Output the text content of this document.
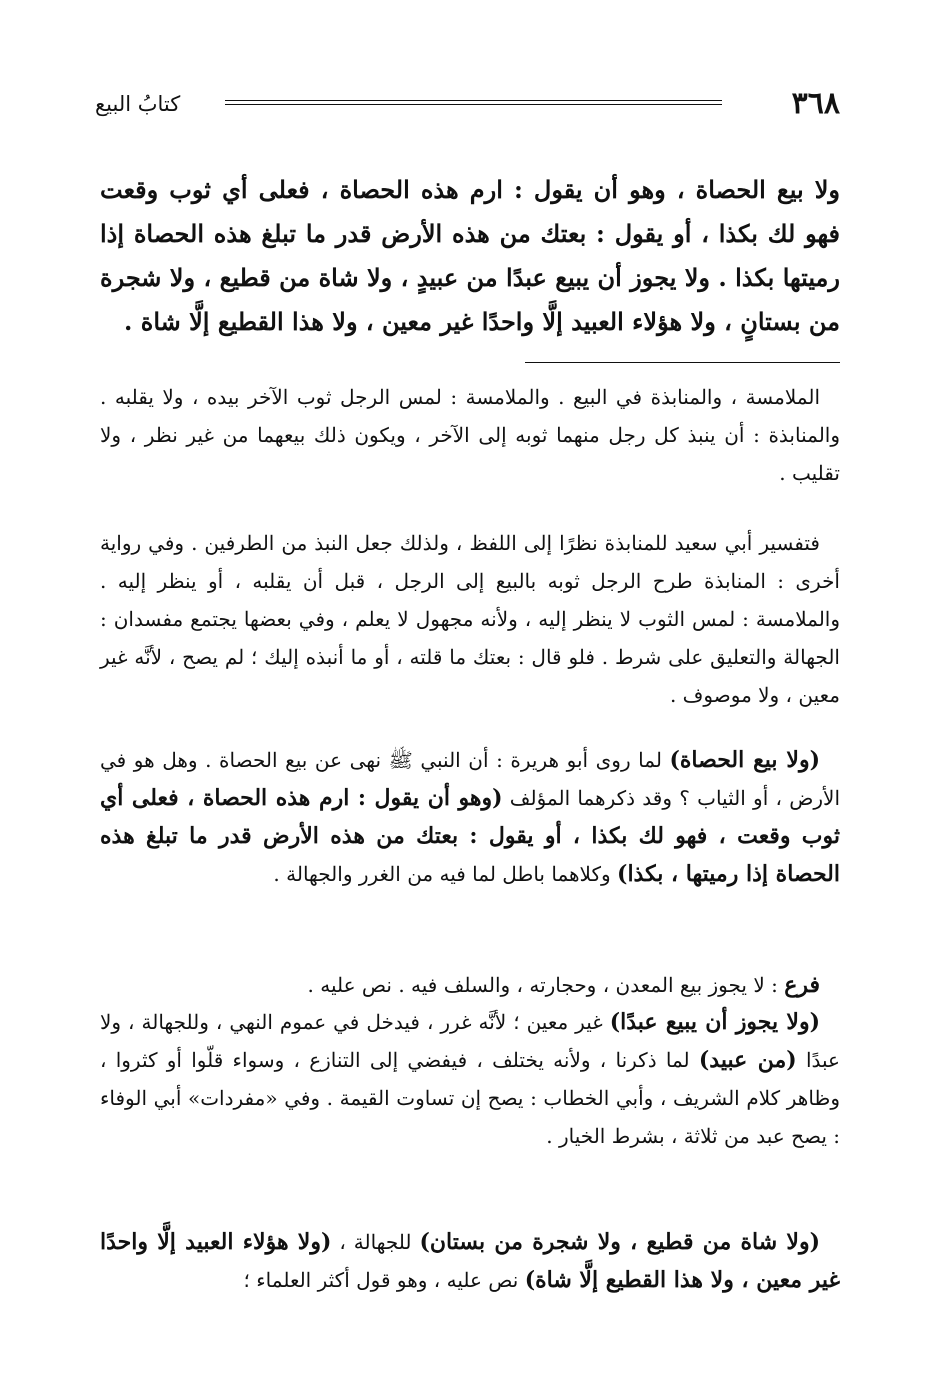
٣٦٨
كتابُ البيع
ولا بيع الحصاة ، وهو أن يقول : ارم هذه الحصاة ، فعلى أي ثوب وقعت فهو لك بكذا ، أو يقول : بعتك من هذه الأرض قدر ما تبلغ هذه الحصاة إذا رميتها بكذا . ولا يجوز أن يبيع عبدًا من عبيدٍ ، ولا شاة من قطيع ، ولا شجرة من بستانٍ ، ولا هؤلاء العبيد إلَّا واحدًا غير معين ، ولا هذا القطيع إلَّا شاة .

الملامسة ، والمنابذة في البيع . والملامسة : لمس الرجل ثوب الآخر بيده ، ولا يقلبه . والمنابذة : أن ينبذ كل رجل منهما ثوبه إلى الآخر ، ويكون ذلك بيعهما من غير نظر ، ولا تقليب .

فتفسير أبي سعيد للمنابذة نظرًا إلى اللفظ ، ولذلك جعل النبذ من الطرفين . وفي رواية أخرى : المنابذة طرح الرجل ثوبه بالبيع إلى الرجل ، قبل أن يقلبه ، أو ينظر إليه . والملامسة : لمس الثوب لا ينظر إليه ، ولأنه مجهول لا يعلم ، وفي بعضها يجتمع مفسدان : الجهالة والتعليق على شرط . فلو قال : بعتك ما قلته ، أو ما أنبذه إليك ؛ لم يصح ، لأنَّه غير معين ، ولا موصوف .

(ولا بيع الحصاة) لما روى أبو هريرة : أن النبي ﷺ نهى عن بيع الحصاة . وهل هو في الأرض ، أو الثياب ؟ وقد ذكرهما المؤلف (وهو أن يقول : ارم هذه الحصاة ، فعلى أي ثوب وقعت ، فهو لك بكذا ، أو يقول : بعتك من هذه الأرض قدر ما تبلغ هذه الحصاة إذا رميتها ، بكذا) وكلاهما باطل لما فيه من الغرر والجهالة .

فرع : لا يجوز بيع المعدن ، وحجارته ، والسلف فيه . نص عليه .

(ولا يجوز أن يبيع عبدًا) غير معين ؛ لأنَّه غرر ، فيدخل في عموم النهي ، وللجهالة ، ولا عبدًا (من عبيد) لما ذكرنا ، ولأنه يختلف ، فيفضي إلى التنازع ، وسواء قلّوا أو كثروا ، وظاهر كلام الشريف ، وأبي الخطاب : يصح إن تساوت القيمة . وفي «مفردات» أبي الوفاء : يصح عبد من ثلاثة ، بشرط الخيار .

(ولا شاة من قطيع ، ولا شجرة من بستان) للجهالة ، (ولا هؤلاء العبيد إلَّا واحدًا غير معين ، ولا هذا القطيع إلَّا شاة) نص عليه ، وهو قول أكثر العلماء ؛
